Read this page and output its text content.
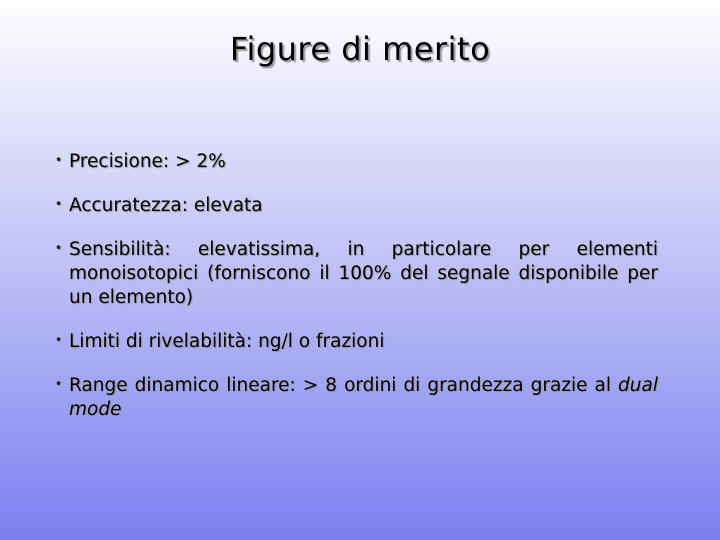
Figure di merito
• Precisione: > 2%
• Accuratezza: elevata
• Sensibilità: elevatissima, in particolare per elementi monoisotopici (forniscono il 100% del segnale disponibile per un elemento)
• Limiti di rivelabilità: ng/l o frazioni
• Range dinamico lineare: > 8 ordini di grandezza grazie al dual mode
